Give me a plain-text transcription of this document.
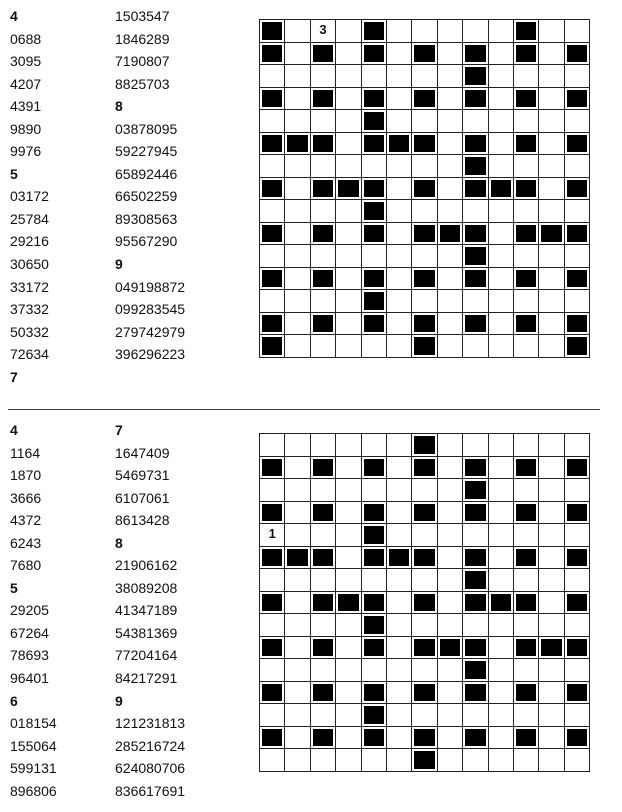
4
0688
3095
4207
4391
9890
9976
5
03172
25784
29216
30650
33172
37332
50332
72634
7
1503547
1846289
7190807
8825703
8
03878095
59227945
65892446
66502259
89308563
95567290
9
049198872
099283545
279742979
396296223
3
4
1164
1870
3666
4372
6243
7680
5
29205
67264
78693
96401
6
018154
155064
599131
896806
7
1647409
5469731
6107061
8613428
8
21906162
38089208
41347189
54381369
77204164
84217291
9
121231813
285216724
624080706
836617691
1
